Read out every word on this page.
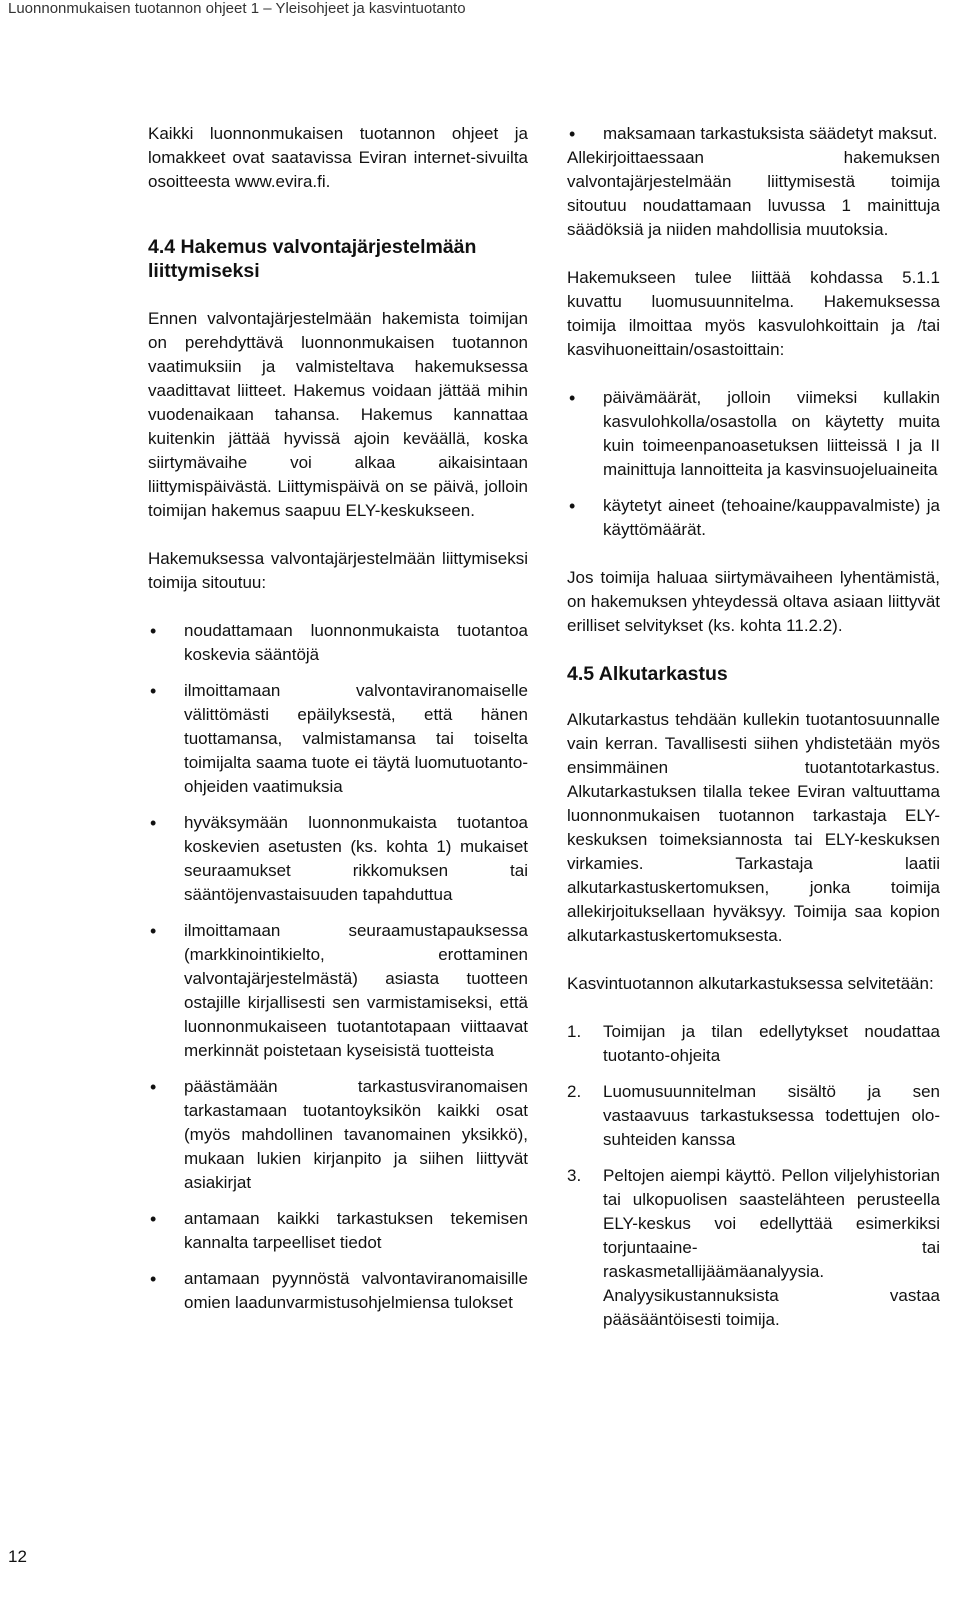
Luonnonmukaisen tuotannon ohjeet 1 – Yleisohjeet ja kasvintuotanto

Kaikki luonnonmukaisen tuotannon ohjeet ja lomakkeet ovat saatavissa Eviran internet-sivuilta osoitteesta www.evira.fi.

4.4 Hakemus valvontajärjestelmään liittymiseksi

Ennen valvontajärjestelmään hakemista toimijan on perehdyttävä luonnonmukaisen tuotannon vaatimuksiin ja valmisteltava hakemuksessa vaadittavat liitteet. Hakemus voidaan jättää mihin vuodenaikaan tahansa. Hakemus kannattaa kuitenkin jättää hyvissä ajoin keväällä, koska siirtymävaihe voi alkaa aikaisintaan liittymispäivästä. Liittymispäivä on se päivä, jolloin toimijan hakemus saapuu ELY-keskukseen.

Hakemuksessa valvontajärjestelmään liittymiseksi toimija sitoutuu:

• noudattamaan luonnonmukaista tuotantoa koskevia sääntöjä
• ilmoittamaan valvontaviranomaiselle välittömästi epäilyksestä, että hänen tuottamansa, valmistamansa tai toiselta toimijalta saama tuote ei täytä luomutuotanto-ohjeiden vaatimuksia
• hyväksymään luonnonmukaista tuotantoa koskevien asetusten (ks. kohta 1) mukaiset seuraamukset rikkomuksen tai sääntöjenvastaisuuden tapahduttua
• ilmoittamaan seuraamustapauksessa (markkinointikielto, erottaminen valvontajärjestelmästä) asiasta tuotteen ostajille kirjallisesti sen varmistamiseksi, että luonnonmukaiseen tuotantotapaan viittaavat merkinnät poistetaan kyseisistä tuotteista
• päästämään tarkastusviranomaisen tarkastamaan tuotantoyksikön kaikki osat (myös mahdollinen tavanomainen yksikkö), mukaan lukien kirjanpito ja siihen liittyvät asiakirjat
• antamaan kaikki tarkastuksen tekemisen kannalta tarpeelliset tiedot
• antamaan pyynnöstä valvontaviranomaisille omien laadunvarmistusohjelmiensa tulokset
• maksamaan tarkastuksista säädetyt maksut.

Allekirjoittaessaan hakemuksen valvontajärjestelmään liittymisestä toimija sitoutuu noudattamaan luvussa 1 mainittuja säädöksiä ja niiden mahdollisia muutoksia.

Hakemukseen tulee liittää kohdassa 5.1.1 kuvattu luomusuunnitelma. Hakemuksessa toimija ilmoittaa myös kasvulohkoittain ja /tai kasvihuoneittain/osastoittain:

• päivämäärät, jolloin viimeksi kullakin kasvulohkolla/osastolla on käytetty muita kuin toimeenpanoasetuksen liitteissä I ja II mainittuja lannoitteita ja kasvinsuojeluaineita
• käytetyt aineet (tehoaine/kauppavalmiste) ja käyttömäärät.

Jos toimija haluaa siirtymävaiheen lyhentämistä, on hakemuksen yhteydessä oltava asiaan liittyvät erilliset selvitykset (ks. kohta 11.2.2).

4.5 Alkutarkastus

Alkutarkastus tehdään kullekin tuotantosuunnalle vain kerran. Tavallisesti siihen yhdistetään myös ensimmäinen tuotantotarkastus. Alkutarkastuksen tilalla tekee Eviran valtuuttama luonnonmukaisen tuotannon tarkastaja ELY-keskuksen toimeksiannosta tai ELY-keskuksen virkamies. Tarkastaja laatii alkutarkastuskertomuksen, jonka toimija allekirjoituksellaan hyväksyy. Toimija saa kopion alkutarkastuskertomuksesta.

Kasvintuotannon alkutarkastuksessa selvitetään:

1. Toimijan ja tilan edellytykset noudattaa tuotanto-ohjeita
2. Luomusuunnitelman sisältö ja sen vastaavuus tarkastuksessa todettujen olo-suhteiden kanssa
3. Peltojen aiempi käyttö. Pellon viljelyhistorian tai ulkopuolisen saastelähteen perusteella ELY-keskus voi edellyttää esimerkiksi torjuntaaine- tai raskasmetallijäämäanalyysia. Analyysikustannuksista vastaa pääsääntöisesti toimija.
12
